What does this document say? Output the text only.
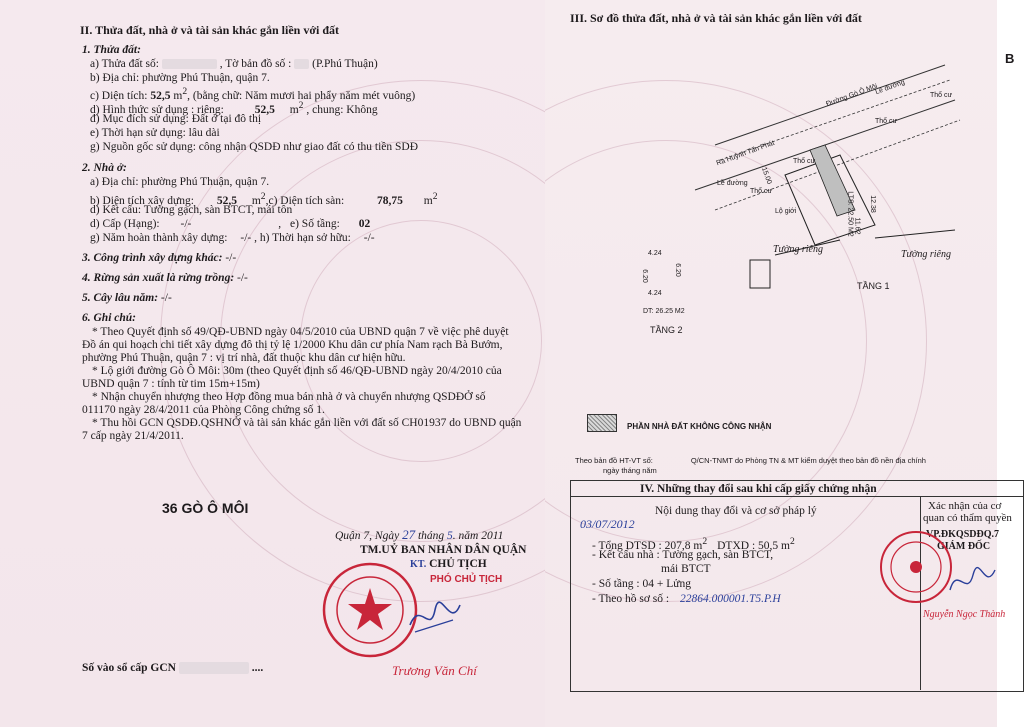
II. Thửa đất, nhà ở và tài sản khác gắn liền với đất
1. Thửa đất:
a) Thửa đất số:	, Tờ bản đồ số : (P.Phú Thuận)
b) Địa chỉ: phường Phú Thuận, quận 7.
c) Diện tích: 52,5 $m^2$, (bằng chữ: Năm mươi hai phẩy năm mét vuông)
d) Hình thức sử dụng : riêng:	52,5 $m^2$ , chung: Không
đ) Mục đích sử dụng: Đất ở tại đô thị
e) Thời hạn sử dụng: lâu dài
g) Nguồn gốc sử dụng: công nhận QSDĐ như giao đất có thu tiền SDĐ
2. Nhà ở:
a) Địa chỉ: phường Phú Thuận, quận 7.
b) Diện tích xây dựng: 52,5 $m^2,c$) Diện tích sàn:	78,75 $m^2$
d) Kết cấu: Tường gạch, sàn BTCT, mái tôn
d) Cấp (Hạng): -/-	, e) Số tầng: 02
g) Năm hoàn thành xây dựng: -/- , h) Thời hạn sở hữu: -/-
3. Công trình xây dựng khác: -/-
4. Rừng sản xuất là rừng trồng: -/-
5. Cây lâu năm: -/-
6. Ghi chú:
* Theo Quyết định số 49/QĐ-UBND ngày 04/5/2010 của UBND quận 7 về việc phê duyệt
Đồ án qui hoạch chi tiết xây dựng đô thị tỷ lệ 1/2000 Khu dân cư phía Nam rạch Bà Bướm,
phường Phú Thuận, quận 7 : vị trí nhà, đất thuộc khu dân cư hiện hữu.
* Lộ giới đường Gò Ô Môi: 30m (theo Quyết định số 46/QĐ-UBND ngày 20/4/2010 của
UBND quận 7 : tính từ tim 15m+15m)
* Nhận chuyển nhượng theo Hợp đồng mua bán nhà ở và chuyển nhượng QSDĐỞ số
011170 ngày 28/4/2011 của Phòng Công chứng số 1.
* Thu hồi GCN QSDĐ.QSHNỞ và tài sản khác gắn liền với đất số CH01937 do UBND quận
7 cấp ngày 21/4/2011.
36 GÒ Ô MÔI
Quận 7, Ngày 27 tháng 5. năm 2011
TM.UỶ BAN NHÂN DÂN QUẬN
KT. CHỦ TỊCH
PHÓ CHỦ TỊCH
Trương Văn Chí
Số vào sổ cấp GCN	....
III. Sơ đồ thửa đất, nhà ở và tài sản khác gắn liền với đất
B
Đường Gò Ô Môi
Lề đường
Ra Huỳnh Tấn Phát
Thổ cư
Thổ cư
Thổ cư
Thổ cư
Lộ giới
Lề đường 15.00
12.38
11.62
LTS: 22.50 M2
Tường riêng	Tường riêng
TẦNG 1
4.24
6.20
6.20
4.24
DT: 26.25 M2
TẦNG 2
PHẦN NHÀ ĐẤT KHÔNG CÔNG NHẬN
Theo bản đồ HT-VT số:	Q/CN-TNMT do Phòng TN & MT kiểm duyệt theo bản đồ nền địa chính
ngày tháng năm
IV. Những thay đổi sau khi cấp giấy chứng nhận
Nội dung thay đổi và cơ sở pháp lý	Xác nhận của cơ
quan có thẩm quyền
03/07/2012
- Tổng DTSD : 207,8 $m^2$ DTXD : 50,5 $m^2$
- Kết cấu nhà : Tường gạch, sàn BTCT,
mái BTCT
- Số tầng : 04 + Lửng
- Theo hồ sơ số : 22864.000001.T5.P.H
VP.ĐKQSDĐQ.7
GIÁM ĐỐC
Nguyễn Ngọc Thành
